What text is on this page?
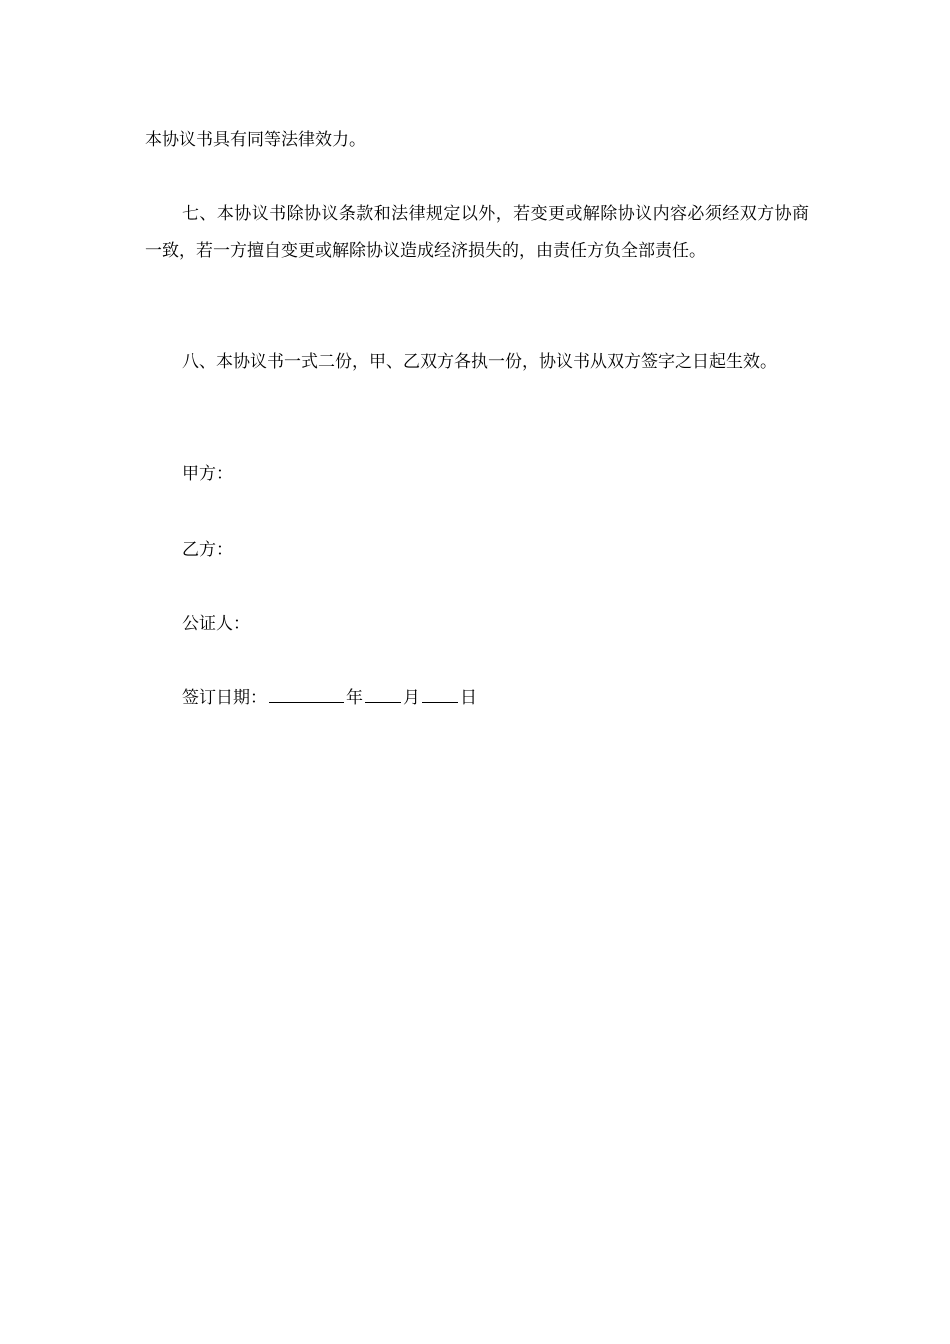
本协议书具有同等法律效力。

七、本协议书除协议条款和法律规定以外，若变更或解除协议内容必须经双方协商一致，若一方擅自变更或解除协议造成经济损失的，由责任方负全部责任。

八、本协议书一式二份，甲、乙双方各执一份，协议书从双方签字之日起生效。

甲方：

乙方：

公证人：

签订日期：	年 月 日
